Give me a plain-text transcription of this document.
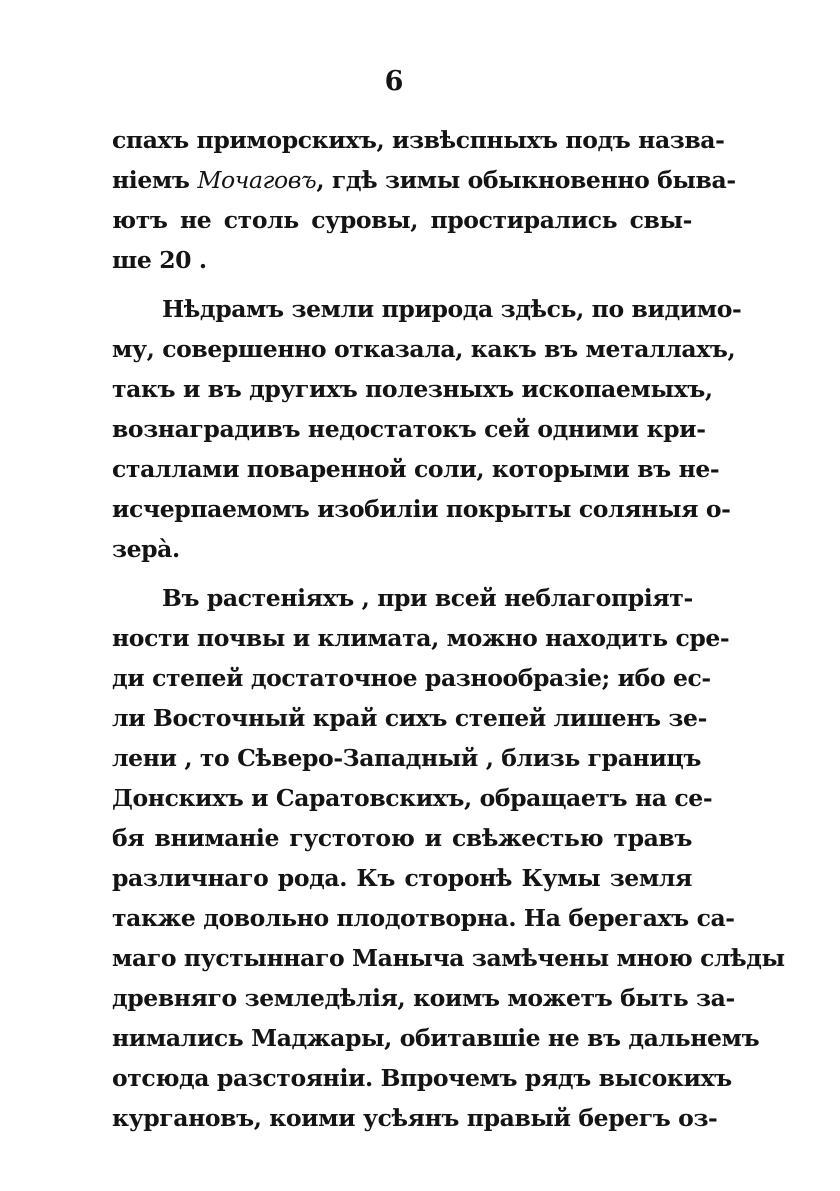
6
спахъ приморскихъ, извѣспныхъ подъ назва-
ніемъ Мочаговъ, гдѣ зимы обыкновенно быва-
ютъ не столь суровы, простирались свы-
ше 20 .
Нѣдрамъ земли природа здѣсь, по видимо-
му, совершенно отказала, какъ въ металлахъ,
такъ и въ другихъ полезныхъ ископаемыхъ,
вознаградивъ недостатокъ сей одними кри-
сталлами поваренной соли, которыми въ не-
исчерпаемомъ изобиліи покрыты соляныя о-
зерà.
Въ растеніяхъ , при всей неблагопріят-
ности почвы и климата, можно находить сре-
ди степей достаточное разнообразіе; ибо ес-
ли Восточный край сихъ степей лишенъ зе-
лени , то Сѣверо-Западный , близь границъ
Донскихъ и Саратовскихъ, обращаетъ на се-
бя вниманіе густотою и свѣжестью травъ
различнаго рода. Къ сторонѣ Кумы земля
также довольно плодотворна. На берегахъ са-
маго пустыннаго Маныча замѣчены мною слѣды
древняго земледѣлія, коимъ можетъ быть за-
нимались Маджары, обитавшіе не въ дальнемъ
отсюда разстояніи. Впрочемъ рядъ высокихъ
кургановъ, коими усѣянъ правый берегъ оз-
